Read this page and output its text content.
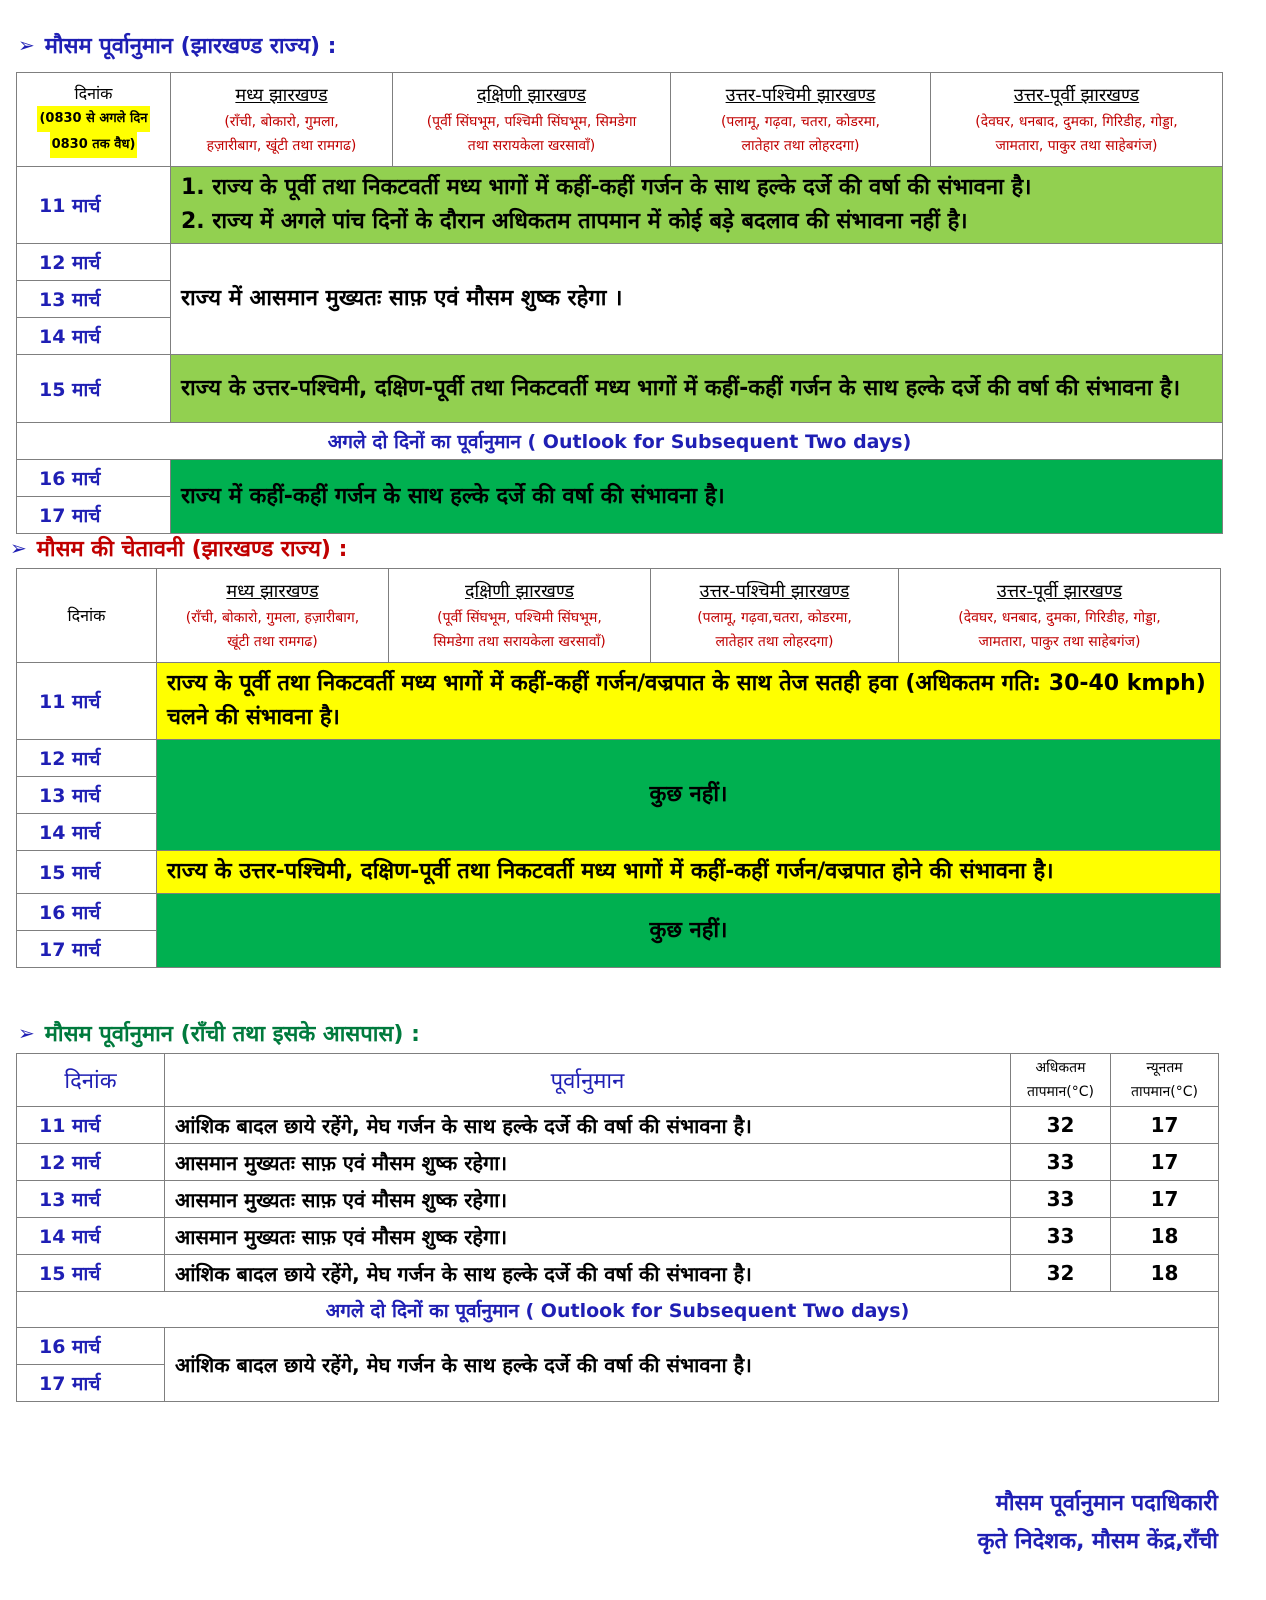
➢ मौसम पूर्वानुमान (झारखण्ड राज्य) :
दिनांक
(0830 से अगले दिन
0830 तक वैध)	मध्य झारखण्ड
(राँची, बोकारो, गुमला,
हज़ारीबाग, खूंटी तथा रामगढ)	दक्षिणी झारखण्ड
(पूर्वी सिंघभूम, पश्चिमी सिंघभूम, सिमडेगा
तथा सरायकेला खरसावाँ)	उत्तर-पश्चिमी झारखण्ड
(पलामू, गढ़वा, चतरा, कोडरमा,
लातेहार तथा लोहरदगा)	उत्तर-पूर्वी झारखण्ड
(देवघर, धनबाद, दुमका, गिरिडीह, गोड्डा,
जामतारा, पाकुर तथा साहेबगंज)

11 मार्च	1. राज्य के पूर्वी तथा निकटवर्ती मध्य भागों में कहीं-कहीं गर्जन के साथ हल्के दर्जे की वर्षा की संभावना है।
2. राज्य में अगले पांच दिनों के दौरान अधिकतम तापमान में कोई बड़े बदलाव की संभावना नहीं है।			

12 मार्च	राज्य में आसमान मुख्यतः साफ़ एवं मौसम शुष्क रहेगा ।			
13 मार्च				
14 मार्च				
15 मार्च	राज्य के उत्तर-पश्चिमी, दक्षिण-पूर्वी तथा निकटवर्ती मध्य भागों में कहीं-कहीं गर्जन के साथ हल्के दर्जे की वर्षा की संभावना है।			
अगले दो दिनों का पूर्वानुमान ( Outlook for Subsequent Two days)				
16 मार्च	राज्य में कहीं-कहीं गर्जन के साथ हल्के दर्जे की वर्षा की संभावना है।			
17 मार्च				
➢ मौसम की चेतावनी (झारखण्ड राज्य) :
दिनांक	मध्य झारखण्ड
(राँची, बोकारो, गुमला, हज़ारीबाग,
खूंटी तथा रामगढ)	दक्षिणी झारखण्ड
(पूर्वी सिंघभूम, पश्चिमी सिंघभूम,
सिमडेगा तथा सरायकेला खरसावाँ)	उत्तर-पश्चिमी झारखण्ड
(पलामू, गढ़वा,चतरा, कोडरमा,
लातेहार तथा लोहरदगा)	उत्तर-पूर्वी झारखण्ड
(देवघर, धनबाद, दुमका, गिरिडीह, गोड्डा,
जामतारा, पाकुर तथा साहेबगंज)

11 मार्च	राज्य के पूर्वी तथा निकटवर्ती मध्य भागों में कहीं-कहीं गर्जन/वज्रपात के साथ तेज सतही हवा (अधिकतम गति: 30-40 kmph) चलने की संभावना है।			
12 मार्च	कुछ नहीं।			
13 मार्च				
14 मार्च				
15 मार्च	राज्य के उत्तर-पश्चिमी, दक्षिण-पूर्वी तथा निकटवर्ती मध्य भागों में कहीं-कहीं गर्जन/वज्रपात होने की संभावना है।			
16 मार्च	कुछ नहीं।			
17 मार्च				
➢ मौसम पूर्वानुमान (राँची तथा इसके आसपास) :
दिनांक	पूर्वानुमान	अधिकतम
तापमान(°C)	न्यूनतम
तापमान(°C)

11 मार्च	आंशिक बादल छाये रहेंगे, मेघ गर्जन के साथ हल्के दर्जे की वर्षा की संभावना है।	32	17
12 मार्च	आसमान मुख्यतः साफ़ एवं मौसम शुष्क रहेगा।	33	17
13 मार्च	आसमान मुख्यतः साफ़ एवं मौसम शुष्क रहेगा।	33	17
14 मार्च	आसमान मुख्यतः साफ़ एवं मौसम शुष्क रहेगा।	33	18
15 मार्च	आंशिक बादल छाये रहेंगे, मेघ गर्जन के साथ हल्के दर्जे की वर्षा की संभावना है।	32	18
अगले दो दिनों का पूर्वानुमान ( Outlook for Subsequent Two days)			
16 मार्च	आंशिक बादल छाये रहेंगे, मेघ गर्जन के साथ हल्के दर्जे की वर्षा की संभावना है।		
17 मार्च			
मौसम पूर्वानुमान पदाधिकारी
कृते निदेशक, मौसम केंद्र,राँची
